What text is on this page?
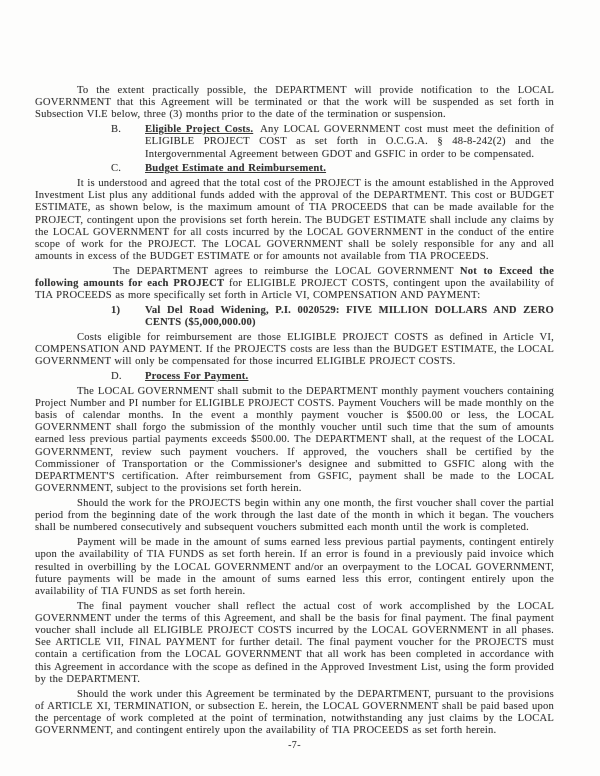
To the extent practically possible, the DEPARTMENT will provide notification to the LOCAL GOVERNMENT that this Agreement will be terminated or that the work will be suspended as set forth in Subsection VI.E below, three (3) months prior to the date of the termination or suspension.

B. Eligible Project Costs. Any LOCAL GOVERNMENT cost must meet the definition of ELIGIBLE PROJECT COST as set forth in O.C.G.A. § 48-8-242(2) and the Intergovernmental Agreement between GDOT and GSFIC in order to be compensated.
C. Budget Estimate and Reimbursement.

It is understood and agreed that the total cost of the PROJECT is the amount established in the Approved Investment List plus any additional funds added with the approval of the DEPARTMENT. This cost or BUDGET ESTIMATE, as shown below, is the maximum amount of TIA PROCEEDS that can be made available for the PROJECT, contingent upon the provisions set forth herein. The BUDGET ESTIMATE shall include any claims by the LOCAL GOVERNMENT for all costs incurred by the LOCAL GOVERNMENT in the conduct of the entire scope of work for the PROJECT. The LOCAL GOVERNMENT shall be solely responsible for any and all amounts in excess of the BUDGET ESTIMATE or for amounts not available from TIA PROCEEDS.

The DEPARTMENT agrees to reimburse the LOCAL GOVERNMENT Not to Exceed the following amounts for each PROJECT for ELIGIBLE PROJECT COSTS, contingent upon the availability of TIA PROCEEDS as more specifically set forth in Article VI, COMPENSATION AND PAYMENT:

1) Val Del Road Widening, P.I. 0020529: FIVE MILLION DOLLARS AND ZERO CENTS ($5,000,000.00)

Costs eligible for reimbursement are those ELIGIBLE PROJECT COSTS as defined in Article VI, COMPENSATION AND PAYMENT. If the PROJECTS costs are less than the BUDGET ESTIMATE, the LOCAL GOVERNMENT will only be compensated for those incurred ELIGIBLE PROJECT COSTS.

D. Process For Payment.

The LOCAL GOVERNMENT shall submit to the DEPARTMENT monthly payment vouchers containing Project Number and PI number for ELIGIBLE PROJECT COSTS. Payment Vouchers will be made monthly on the basis of calendar months. In the event a monthly payment voucher is $500.00 or less, the LOCAL GOVERNMENT shall forgo the submission of the monthly voucher until such time that the sum of amounts earned less previous partial payments exceeds $500.00. The DEPARTMENT shall, at the request of the LOCAL GOVERNMENT, review such payment vouchers. If approved, the vouchers shall be certified by the Commissioner of Transportation or the Commissioner's designee and submitted to GSFIC along with the DEPARTMENT'S certification. After reimbursement from GSFIC, payment shall be made to the LOCAL GOVERNMENT, subject to the provisions set forth herein.

Should the work for the PROJECTS begin within any one month, the first voucher shall cover the partial period from the beginning date of the work through the last date of the month in which it began. The vouchers shall be numbered consecutively and subsequent vouchers submitted each month until the work is completed.

Payment will be made in the amount of sums earned less previous partial payments, contingent entirely upon the availability of TIA FUNDS as set forth herein. If an error is found in a previously paid invoice which resulted in overbilling by the LOCAL GOVERNMENT and/or an overpayment to the LOCAL GOVERNMENT, future payments will be made in the amount of sums earned less this error, contingent entirely upon the availability of TIA FUNDS as set forth herein.

The final payment voucher shall reflect the actual cost of work accomplished by the LOCAL GOVERNMENT under the terms of this Agreement, and shall be the basis for final payment. The final payment voucher shall include all ELIGIBLE PROJECT COSTS incurred by the LOCAL GOVERNMENT in all phases. See ARTICLE VII, FINAL PAYMENT for further detail. The final payment voucher for the PROJECTS must contain a certification from the LOCAL GOVERNMENT that all work has been completed in accordance with this Agreement in accordance with the scope as defined in the Approved Investment List, using the form provided by the DEPARTMENT.

Should the work under this Agreement be terminated by the DEPARTMENT, pursuant to the provisions of ARTICLE XI, TERMINATION, or subsection E. herein, the LOCAL GOVERNMENT shall be paid based upon the percentage of work completed at the point of termination, notwithstanding any just claims by the LOCAL GOVERNMENT, and contingent entirely upon the availability of TIA PROCEEDS as set forth herein.

-7-
